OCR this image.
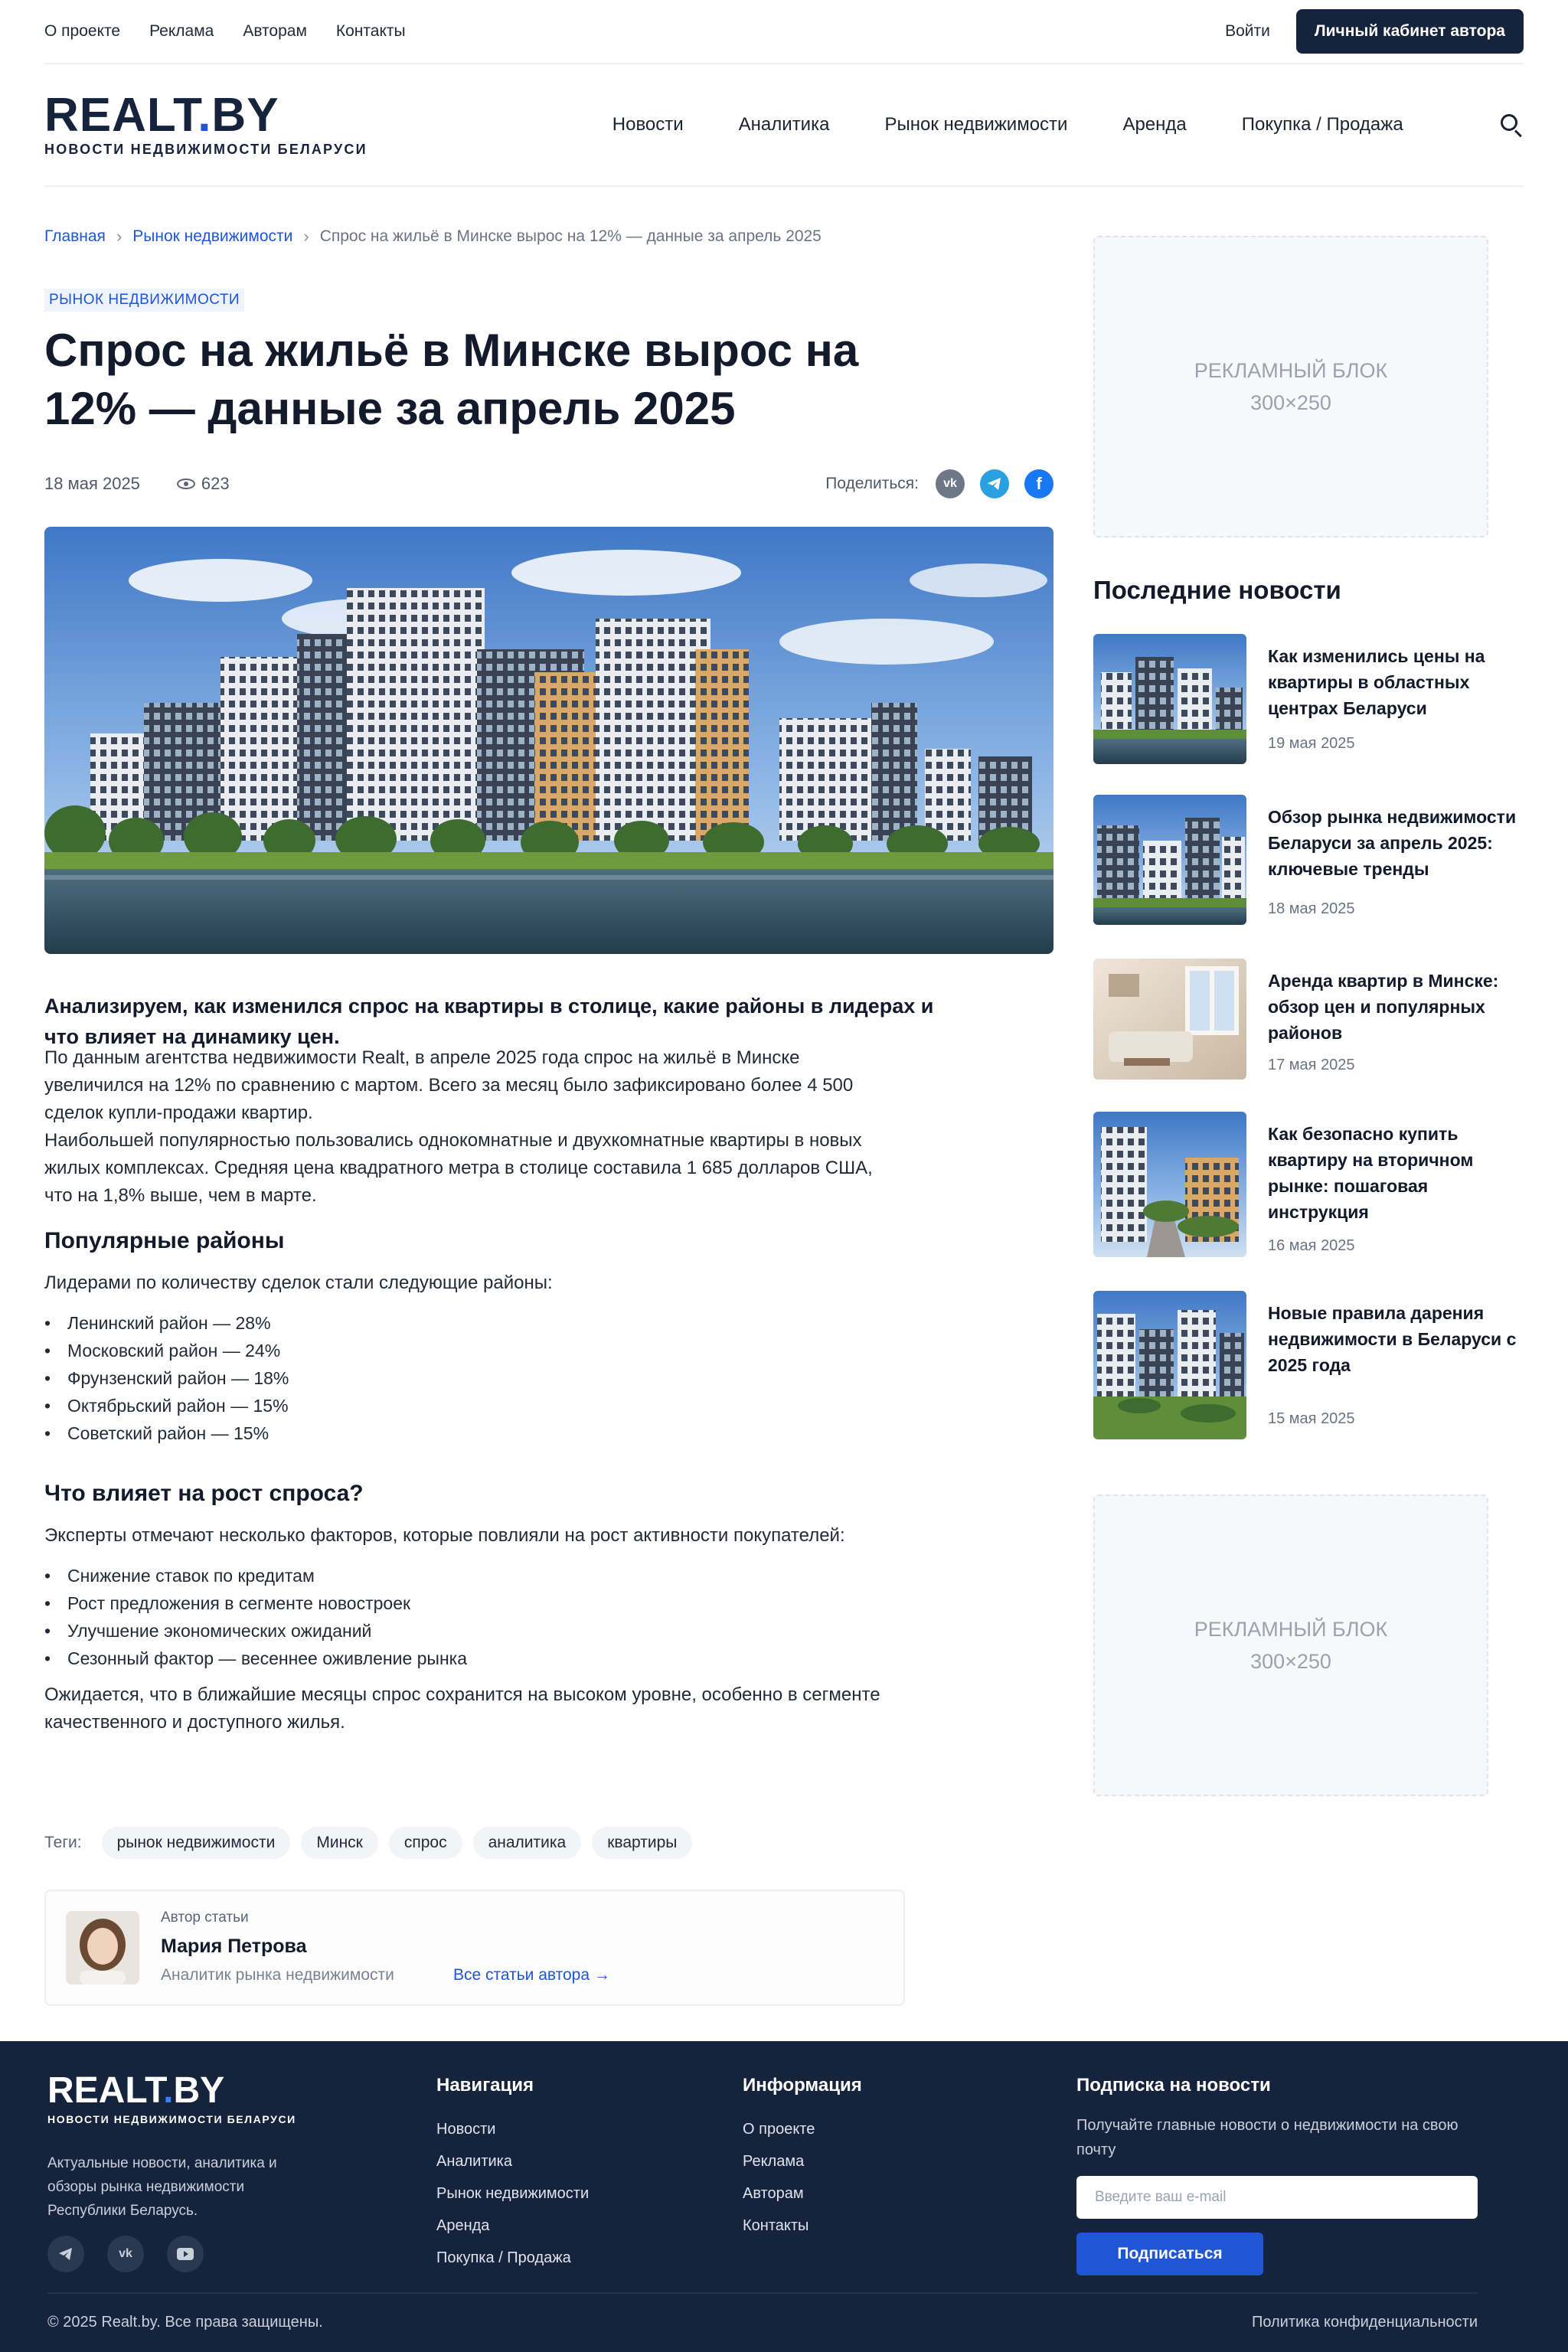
О проекте Реклама Авторам Контакты	Войти	Личный кабинет автора
REALT.BY
НОВОСТИ НЕДВИЖИМОСТИ БЕЛАРУСИ
Новости	Аналитика	Рынок недвижимости	Аренда	Покупка / Продажа
Главная › Рынок недвижимости › Спрос на жильё в Минске вырос на 12% — данные за апрель 2025
РЫНОК НЕДВИЖИМОСТИ
Спрос на жильё в Минске вырос на 12% — данные за апрель 2025
18 мая 2025	623	Поделиться:	vk	f

Анализируем, как изменился спрос на квартиры в столице, какие районы в лидерах и что влияет на динамику цен.

По данным агентства недвижимости Realt, в апреле 2025 года спрос на жильё в Минске увеличился на 12% по сравнению с мартом. Всего за месяц было зафиксировано более 4 500 сделок купли-продажи квартир.

Наибольшей популярностью пользовались однокомнатные и двухкомнатные квартиры в новых жилых комплексах. Средняя цена квадратного метра в столице составила 1 685 долларов США, что на 1,8% выше, чем в марте.

Популярные районы

Лидерами по количеству сделок стали следующие районы:

• Ленинский район — 28%
• Московский район — 24%
• Фрунзенский район — 18%
• Октябрьский район — 15%
• Советский район — 15%
Что влияет на рост спроса?

Эксперты отмечают несколько факторов, которые повлияли на рост активности покупателей:

• Снижение ставок по кредитам
• Рост предложения в сегменте новостроек
• Улучшение экономических ожиданий
• Сезонный фактор — весеннее оживление рынка

Ожидается, что в ближайшие месяцы спрос сохранится на высоком уровне, особенно в сегменте качественного и доступного жилья.

Теги:	рынок недвижимости	Минск	спрос	аналитика	квартиры
Автор статьи
Мария Петрова
Аналитик рынка недвижимости	Все статьи автора →
РЕКЛАМНЫЙ БЛОК
300×250
Последние новости
Как изменились цены на квартиры в областных центрах Беларуси
19 мая 2025
Обзор рынка недвижимости Беларуси за апрель 2025: ключевые тренды
18 мая 2025
Аренда квартир в Минске: обзор цен и популярных районов
17 мая 2025
Как безопасно купить квартиру на вторичном рынке: пошаговая инструкция
16 мая 2025
Новые правила дарения недвижимости в Беларуси с 2025 года
15 мая 2025
РЕКЛАМНЫЙ БЛОК
300×250
REALT.BY
НОВОСТИ НЕДВИЖИМОСТИ БЕЛАРУСИ

Актуальные новости, аналитика и обзоры рынка недвижимости Республики Беларусь.

vk
Навигация
Новости
Аналитика
Рынок недвижимости
Аренда
Покупка / Продажа
Информация
О проекте
Реклама
Авторам
Контакты
Подписка на новости
Получайте главные новости о недвижимости на свою почту
Введите ваш e-mail Подписаться
© 2025 Realt.by. Все права защищены.	Политика конфиденциальности
